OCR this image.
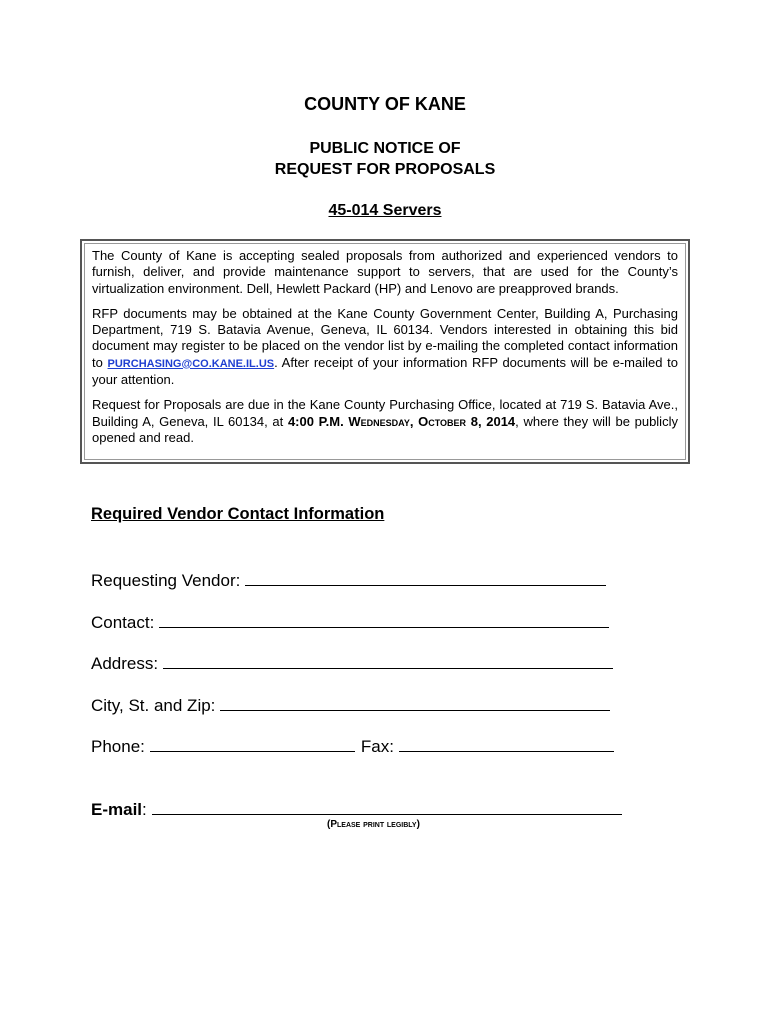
COUNTY OF KANE
PUBLIC NOTICE OF
REQUEST FOR PROPOSALS
45-014 Servers

The County of Kane is accepting sealed proposals from authorized and experienced vendors to furnish, deliver, and provide maintenance support to servers, that are used for the County’s virtualization environment. Dell, Hewlett Packard (HP) and Lenovo are preapproved brands.

RFP documents may be obtained at the Kane County Government Center, Building A, Purchasing Department, 719 S. Batavia Avenue, Geneva, IL 60134. Vendors interested in obtaining this bid document may register to be placed on the vendor list by e-mailing the completed contact information to PURCHASING@CO.KANE.IL.US. After receipt of your information RFP documents will be e-mailed to your attention.

Request for Proposals are due in the Kane County Purchasing Office, located at 719 S. Batavia Ave., Building A, Geneva, IL 60134, at 4:00 P.M. Wednesday, October 8, 2014, where they will be publicly opened and read.

Required Vendor Contact Information
Requesting Vendor:
Contact:
Address:
City, St. and Zip:
Phone:	Fax:
E-mail :
(Please print legibly)
